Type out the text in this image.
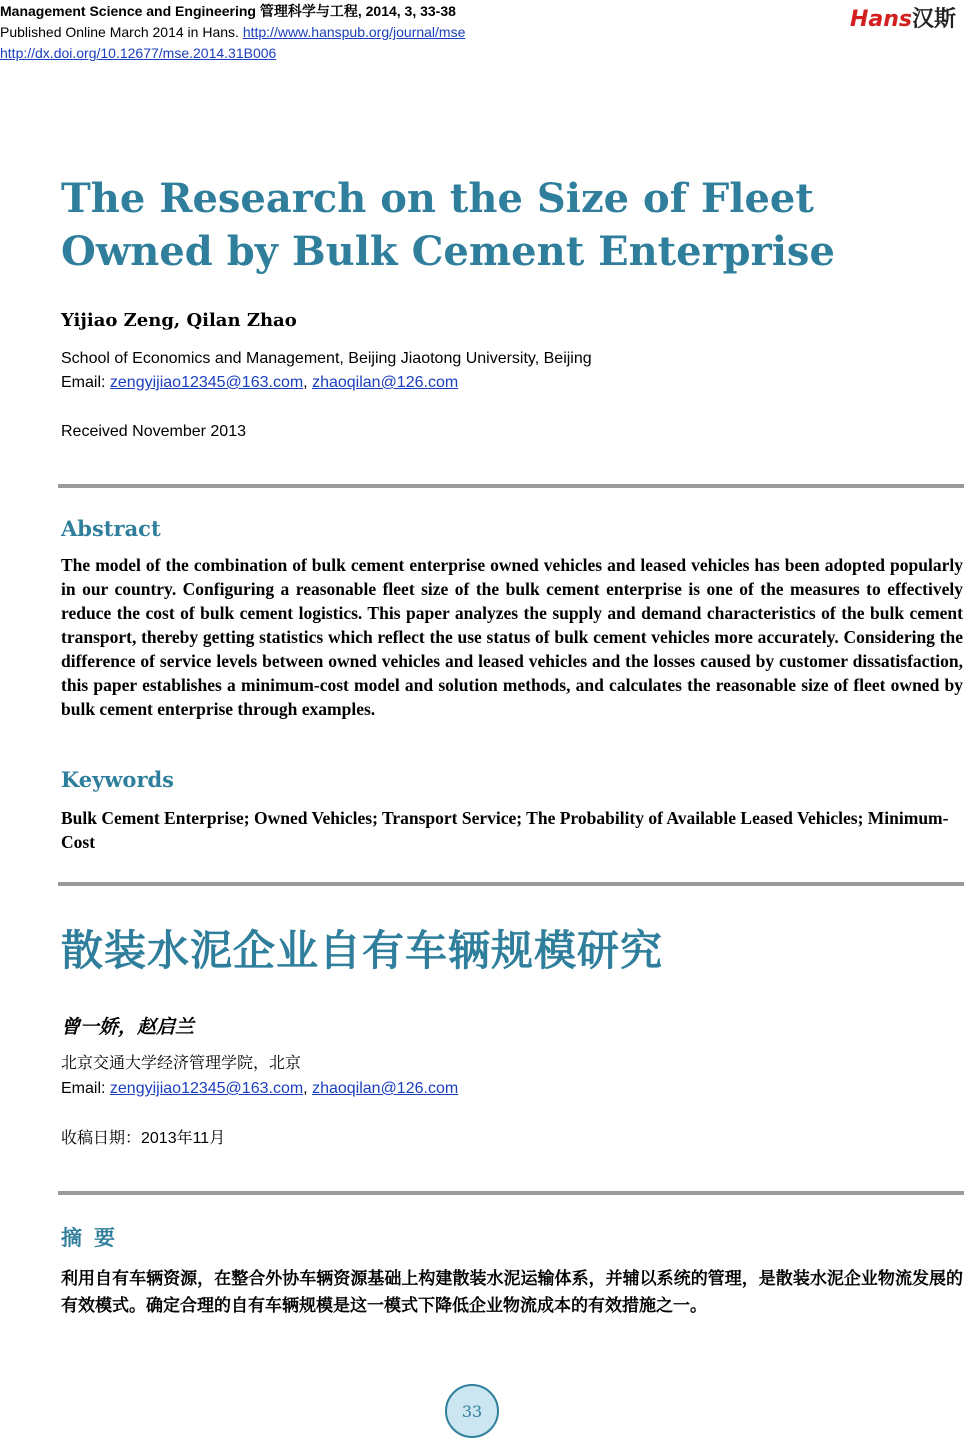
Management Science and Engineering 管理科学与工程, 2014, 3, 33-38
Published Online March 2014 in Hans. http://www.hanspub.org/journal/mse
http://dx.doi.org/10.12677/mse.2014.31B006
Hans汉斯
The Research on the Size of Fleet Owned by Bulk Cement Enterprise
Yijiao Zeng, Qilan Zhao
School of Economics and Management, Beijing Jiaotong University, Beijing
Email: zengyijiao12345@163.com, zhaoqilan@126.com
Received November 2013
Abstract
The model of the combination of bulk cement enterprise owned vehicles and leased vehicles has been adopted popularly in our country. Configuring a reasonable fleet size of the bulk cement enterprise is one of the measures to effectively reduce the cost of bulk cement logistics. This paper analyzes the supply and demand characteristics of the bulk cement transport, thereby getting statistics which reflect the use status of bulk cement vehicles more accurately. Considering the difference of service levels between owned vehicles and leased vehicles and the losses caused by customer dissatisfaction, this paper establishes a minimum-cost model and solution methods, and calculates the reasonable size of fleet owned by bulk cement enterprise through examples.
Keywords
Bulk Cement Enterprise; Owned Vehicles; Transport Service; The Probability of Available Leased Vehicles; Minimum-Cost
散装水泥企业自有车辆规模研究
曾一娇，赵启兰
北京交通大学经济管理学院，北京
Email: zengyijiao12345@163.com, zhaoqilan@126.com
收稿日期：2013年11月
摘要
利用自有车辆资源，在整合外协车辆资源基础上构建散装水泥运输体系，并辅以系统的管理，是散装水泥企业物流发展的有效模式。确定合理的自有车辆规模是这一模式下降低企业物流成本的有效措施之一。
33
